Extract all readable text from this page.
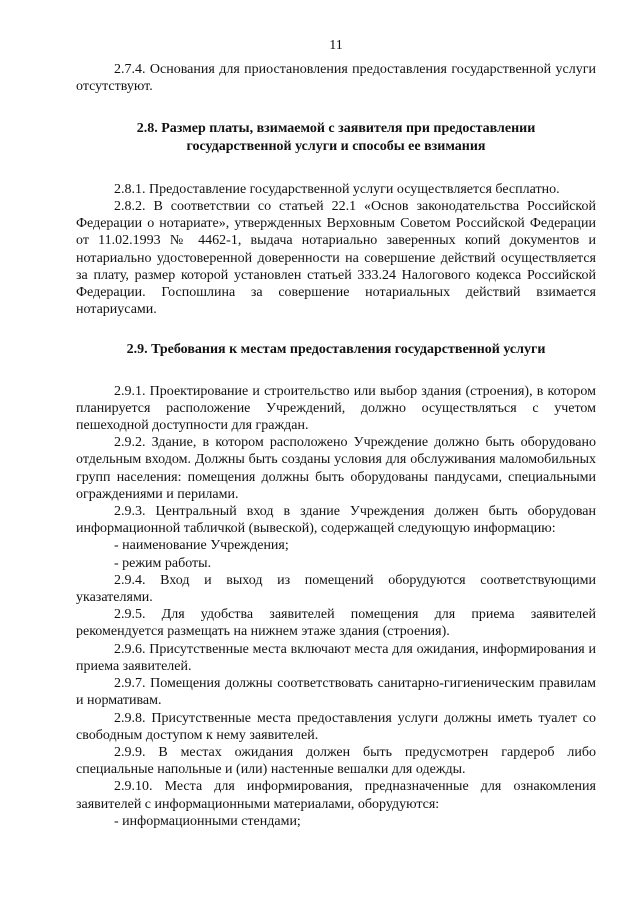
11

2.7.4. Основания для приостановления предоставления государственной услуги отсутствуют.

2.8. Размер платы, взимаемой с заявителя при предоставлении
государственной услуги и способы ее взимания

2.8.1. Предоставление государственной услуги осуществляется бесплатно.

2.8.2. В соответствии со статьей 22.1 «Основ законодательства Российской Федерации о нотариате», утвержденных Верховным Советом Российской Федерации от 11.02.1993 № 4462-1, выдача нотариально заверенных копий документов и нотариально удостоверенной доверенности на совершение действий осуществляется за плату, размер которой установлен статьей 333.24 Налогового кодекса Российской Федерации. Госпошлина за совершение нотариальных действий взимается нотариусами.

2.9. Требования к местам предоставления государственной услуги

2.9.1. Проектирование и строительство или выбор здания (строения), в котором планируется расположение Учреждений, должно осуществляться с учетом пешеходной доступности для граждан.

2.9.2. Здание, в котором расположено Учреждение должно быть оборудовано отдельным входом. Должны быть созданы условия для обслуживания маломобильных групп населения: помещения должны быть оборудованы пандусами, специальными ограждениями и перилами.

2.9.3. Центральный вход в здание Учреждения должен быть оборудован информационной табличкой (вывеской), содержащей следующую информацию:

- наименование Учреждения;

- режим работы.

2.9.4. Вход и выход из помещений оборудуются соответствующими указателями.

2.9.5. Для удобства заявителей помещения для приема заявителей рекомендуется размещать на нижнем этаже здания (строения).

2.9.6. Присутственные места включают места для ожидания, информирования и приема заявителей.

2.9.7. Помещения должны соответствовать санитарно-гигиеническим правилам и нормативам.

2.9.8. Присутственные места предоставления услуги должны иметь туалет со свободным доступом к нему заявителей.

2.9.9. В местах ожидания должен быть предусмотрен гардероб либо специальные напольные и (или) настенные вешалки для одежды.

2.9.10. Места для информирования, предназначенные для ознакомления заявителей с информационными материалами, оборудуются:

- информационными стендами;
